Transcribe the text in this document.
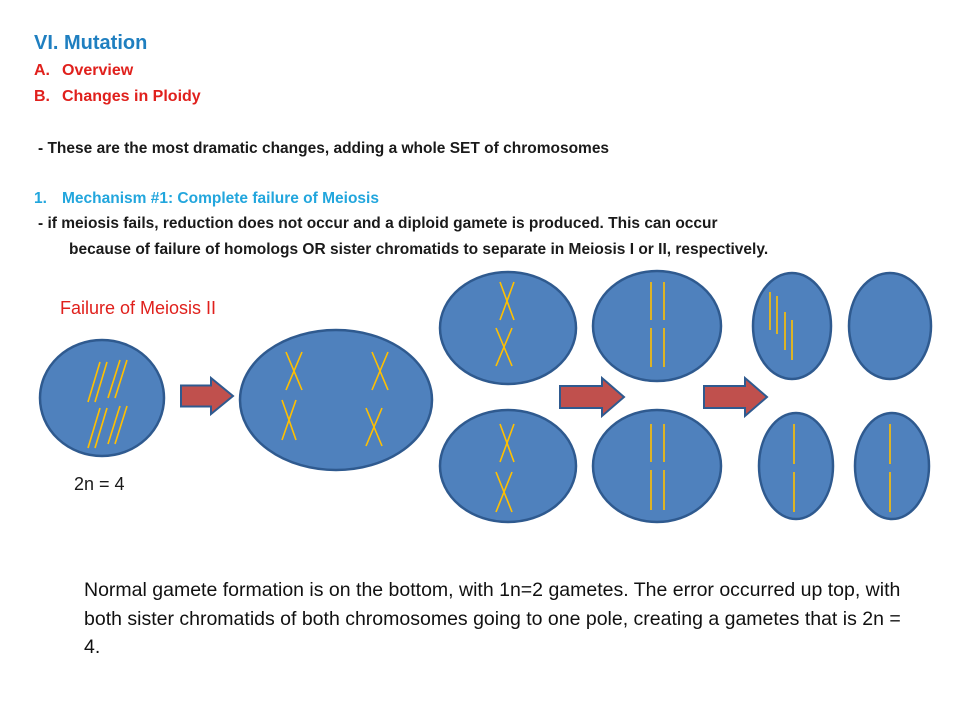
VI. Mutation
A. Overview
B. Changes in Ploidy
- These are the most dramatic changes, adding a whole SET of chromosomes
1. Mechanism #1: Complete failure of Meiosis
- if meiosis fails, reduction does not occur and a diploid gamete is produced. This can occur
because of failure of homologs OR sister chromatids to separate in Meiosis I or II, respectively.
Failure of Meiosis II
2n = 4
Normal gamete formation is on the bottom, with 1n=2 gametes. The error occurred up top, with both sister chromatids of both chromosomes going to one pole, creating a gametes that is 2n = 4.
